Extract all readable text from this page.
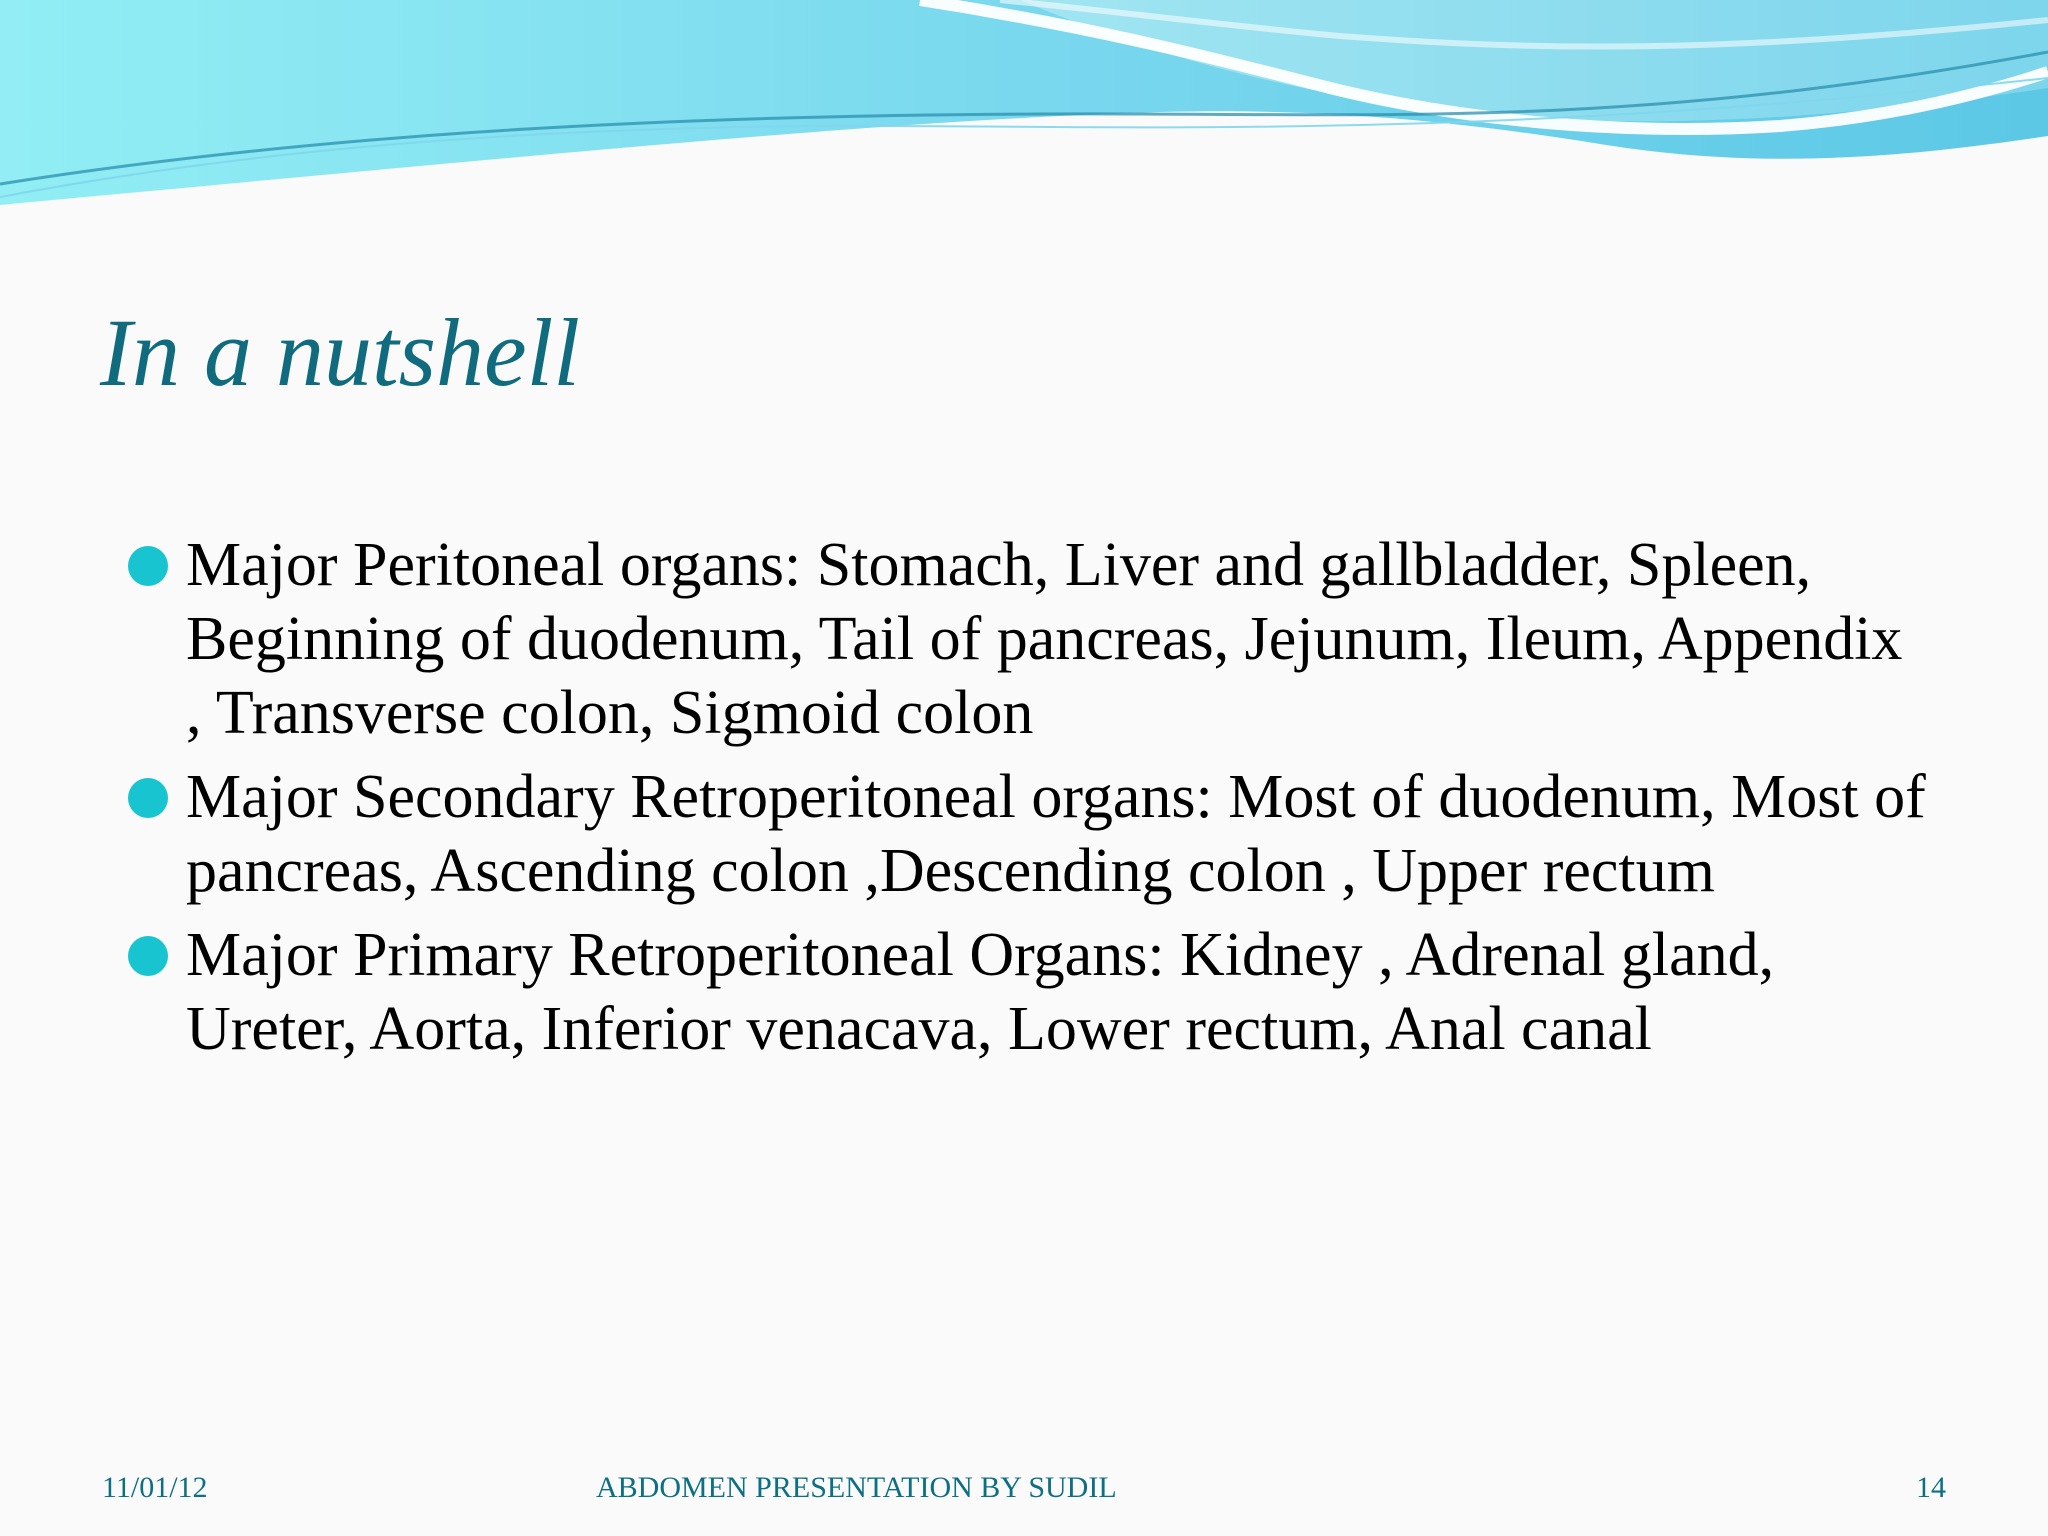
In a nutshell
Major Peritoneal organs: Stomach, Liver and gallbladder, Spleen, Beginning of duodenum, Tail of pancreas, Jejunum, Ileum, Appendix , Transverse colon, Sigmoid colon
Major Secondary Retroperitoneal organs: Most of duodenum, Most of pancreas, Ascending colon ,Descending colon , Upper rectum
Major Primary Retroperitoneal Organs: Kidney , Adrenal gland, Ureter, Aorta, Inferior venacava, Lower rectum, Anal canal
11/01/12	ABDOMEN PRESENTATION BY SUDIL	14
